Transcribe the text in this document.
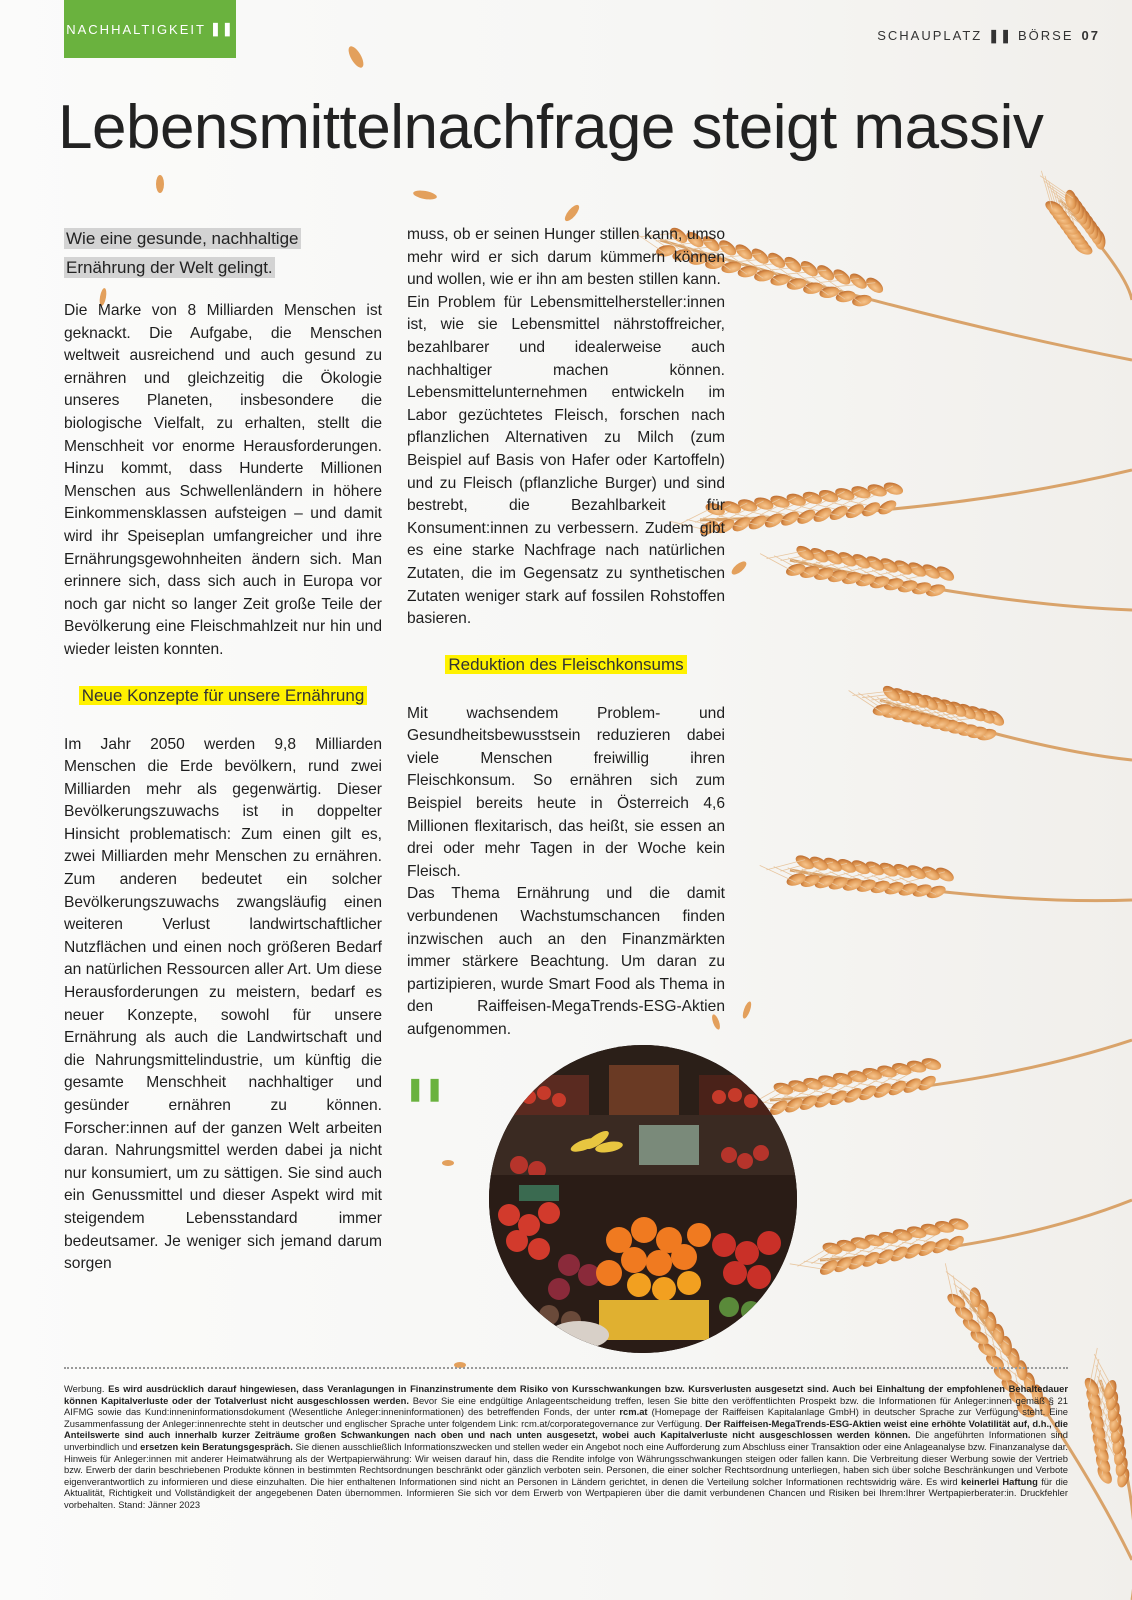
NACHHALTIGKEIT ❚❚	SCHAUPLATZ ❚❚ BÖRSE 07
Lebensmittelnachfrage steigt massiv

Wie eine gesunde, nachhaltige Ernährung der Welt gelingt.

Die Marke von 8 Milliarden Menschen ist geknackt. Die Aufgabe, die Menschen weltweit ausreichend und auch gesund zu ernähren und gleichzeitig die Ökologie unseres Planeten, insbesondere die biologische Vielfalt, zu erhalten, stellt die Menschheit vor enorme Herausforderungen. Hinzu kommt, dass Hunderte Millionen Menschen aus Schwellenländern in höhere Einkommensklassen aufsteigen – und damit wird ihr Speiseplan umfangreicher und ihre Ernährungsgewohnheiten ändern sich. Man erinnere sich, dass sich auch in Europa vor noch gar nicht so langer Zeit große Teile der Bevölkerung eine Fleischmahlzeit nur hin und wieder leisten konnten.

Neue Konzepte für unsere Ernährung

Im Jahr 2050 werden 9,8 Milliarden Menschen die Erde bevölkern, rund zwei Milliarden mehr als gegenwärtig. Dieser Bevölkerungszuwachs ist in doppelter Hinsicht problematisch: Zum einen gilt es, zwei Milliarden mehr Menschen zu ernähren. Zum anderen bedeutet ein solcher Bevölkerungszuwachs zwangsläufig einen weiteren Verlust landwirtschaftlicher Nutzflächen und einen noch größeren Bedarf an natürlichen Ressourcen aller Art. Um diese Herausforderungen zu meistern, bedarf es neuer Konzepte, sowohl für unsere Ernährung als auch die Landwirtschaft und die Nahrungsmittelindustrie, um künftig die gesamte Menschheit nachhaltiger und gesünder ernähren zu können. Forscher:innen auf der ganzen Welt arbeiten daran. Nahrungsmittel werden dabei ja nicht nur konsumiert, um zu sättigen. Sie sind auch ein Genussmittel und dieser Aspekt wird mit steigendem Lebensstandard immer bedeutsamer. Je weniger sich jemand darum sorgen

muss, ob er seinen Hunger stillen kann, umso mehr wird er sich darum kümmern können und wollen, wie er ihn am besten stillen kann.

Ein Problem für Lebensmittelhersteller:innen ist, wie sie Lebensmittel nährstoffreicher, bezahlbarer und idealerweise auch nachhaltiger machen können. Lebensmittelunternehmen entwickeln im Labor gezüchtetes Fleisch, forschen nach pflanzlichen Alternativen zu Milch (zum Beispiel auf Basis von Hafer oder Kartoffeln) und zu Fleisch (pflanzliche Burger) und sind bestrebt, die Bezahlbarkeit für Konsument:innen zu verbessern. Zudem gibt es eine starke Nachfrage nach natürlichen Zutaten, die im Gegensatz zu synthetischen Zutaten weniger stark auf fossilen Rohstoffen basieren.

Reduktion des Fleischkonsums

Mit wachsendem Problem- und Gesundheitsbewusstsein reduzieren dabei viele Menschen freiwillig ihren Fleischkonsum. So ernähren sich zum Beispiel bereits heute in Österreich 4,6 Millionen flexitarisch, das heißt, sie essen an drei oder mehr Tagen in der Woche kein Fleisch.

Das Thema Ernährung und die damit verbundenen Wachstumschancen finden inzwischen auch an den Finanzmärkten immer stärkere Beachtung. Um daran zu partizipieren, wurde Smart Food als Thema in den Raiffeisen-MegaTrends-ESG-Aktien aufgenommen.

❚❚
Werbung. Es wird ausdrücklich darauf hingewiesen, dass Veranlagungen in Finanzinstrumente dem Risiko von Kursschwankungen bzw. Kursverlusten ausgesetzt sind. Auch bei Einhaltung der empfohlenen Behaltedauer können Kapitalverluste oder der Totalverlust nicht ausgeschlossen werden. Bevor Sie eine endgültige Anlageentscheidung treffen, lesen Sie bitte den veröffentlichten Prospekt bzw. die Informationen für Anleger:innen gemäß § 21 AIFMG sowie das Kund:inneninformationsdokument (Wesentliche Anleger:inneninformationen) des betreffenden Fonds, der unter rcm.at (Homepage der Raiffeisen Kapitalanlage GmbH) in deutscher Sprache zur Verfügung steht. Eine Zusammenfassung der Anleger:innenrechte steht in deutscher und englischer Sprache unter folgendem Link: rcm.at/corporategovernance zur Verfügung. Der Raiffeisen-MegaTrends-ESG-Aktien weist eine erhöhte Volatilität auf, d.h., die Anteilswerte sind auch innerhalb kurzer Zeiträume großen Schwankungen nach oben und nach unten ausgesetzt, wobei auch Kapitalverluste nicht ausgeschlossen werden können. Die angeführten Informationen sind unverbindlich und ersetzen kein Beratungsgespräch. Sie dienen ausschließlich Informationszwecken und stellen weder ein Angebot noch eine Aufforderung zum Abschluss einer Transaktion oder eine Anlageanalyse bzw. Finanzanalyse dar. Hinweis für Anleger:innen mit anderer Heimatwährung als der Wertpapierwährung: Wir weisen darauf hin, dass die Rendite infolge von Währungsschwankungen steigen oder fallen kann. Die Verbreitung dieser Werbung sowie der Vertrieb bzw. Erwerb der darin beschriebenen Produkte können in bestimmten Rechtsordnungen beschränkt oder gänzlich verboten sein. Personen, die einer solcher Rechtsordnung unterliegen, haben sich über solche Beschränkungen und Verbote eigenverantwortlich zu informieren und diese einzuhalten. Die hier enthaltenen Informationen sind nicht an Personen in Ländern gerichtet, in denen die Verteilung solcher Informationen rechtswidrig wäre. Es wird keinerlei Haftung für die Aktualität, Richtigkeit und Vollständigkeit der angegebenen Daten übernommen. Informieren Sie sich vor dem Erwerb von Wertpapieren über die damit verbundenen Chancen und Risiken bei Ihrem:Ihrer Wertpapierberater:in. Druckfehler vorbehalten. Stand: Jänner 2023
